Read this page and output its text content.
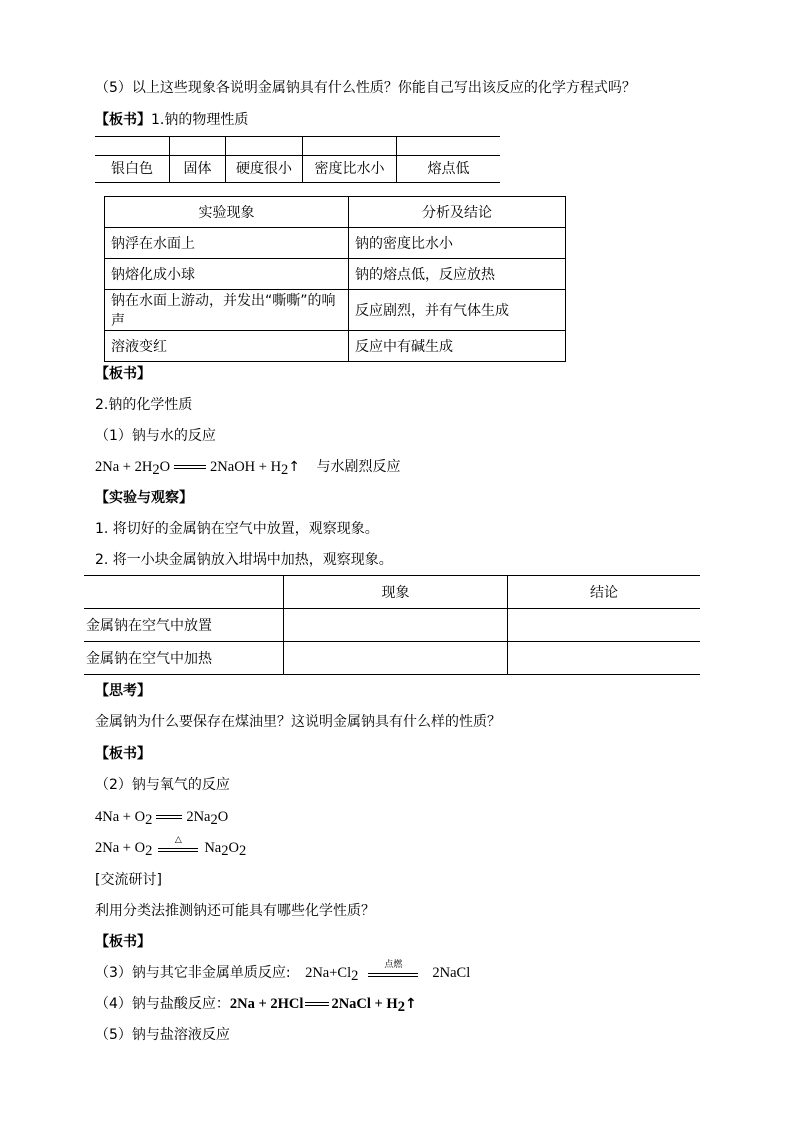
（5）以上这些现象各说明金属钠具有什么性质？你能自己写出该反应的化学方程式吗？
【板书】1.钠的物理性质

银白色	固体	硬度很小	密度比水小	熔点低
实验现象	分析及结论
钠浮在水面上	钠的密度比水小
钠熔化成小球	钠的熔点低，反应放热
钠在水面上游动，并发出“嘶嘶”的响声	反应剧烈，并有气体生成
溶液变红	反应中有碱生成
【板书】
2.钠的化学性质
（1）钠与水的反应
$2Na + 2H_2O$	2NaOH + $H_2↑$ 与水剧烈反应
【实验与观察】
1. 将切好的金属钠在空气中放置，观察现象。
2. 将一小块金属钠放入坩埚中加热，观察现象。
	现象	结论
金属钠在空气中放置		
金属钠在空气中加热		
【思考】
金属钠为什么要保存在煤油里？这说明金属钠具有什么样的性质？
【板书】
（2）钠与氧气的反应
$4Na + O_2$ $2Na_2O$
$2Na + O_2$
△	$Na_2O_2$
[交流研讨]
利用分类法推测钠还可能具有哪些化学性质？
【板书】
（3）钠与其它非金属单质反应: $2Na+Cl_2$
点燃	2NaCl
（4）钠与盐酸反应：2Na + 2HCl 2NaCl + $H_2↑$
（5）钠与盐溶液反应
